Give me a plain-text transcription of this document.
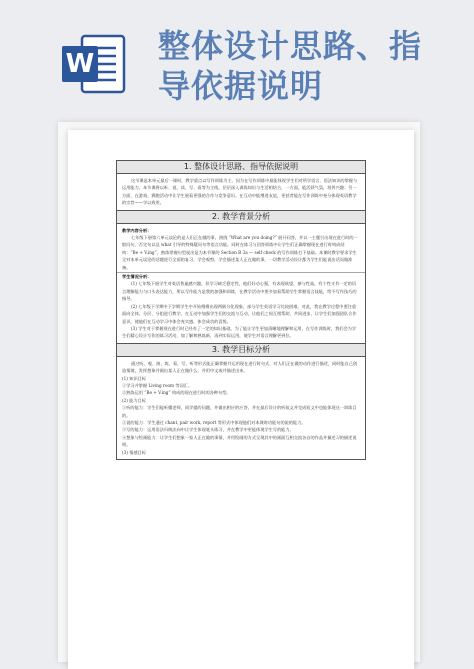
W 整体设计思路、指
导依据说明
1. 整体设计思路、指导依据说明

这节课是本单元最后一课时，教学重点以写作训练为主，因为在写作训练中最能体现学生们对所学语言、语法知识的掌握与运用能力。本节课将以听、说、读、写、看等为主线，层层深入训练知识与生活相结合，一方面，能活跃气氛，培养兴趣；另一方面，在游戏、赛跑活动中让学生展看更强的合作与竞争意识。在互动中能增进友谊，更甚者能在写作训练中充分体现英语教学的宗旨——学以致用。

2. 教学背景分析
教学内容分析：

七年级下册第六单元谈论的是人们正在做的事，围绕 “What are you doing?” 展开问答，并以一主题引出现在进行时的一般问句、否定句以及 what 引导的特殊疑问句等语言功能。同时在练习与回答训练中让学生们正确掌握现在进行时构成结构：“Be + V.ing”，熟练掌握句型说出是为本节课的 Section B 3a — self check 的写作训练打下基础。本课时教学要求学生全对本单元谈论的话题进行全面的复习，学会观察，学会描述某人正在做的事，一切教学活动设计都为学生们能说出话而做准备。

学生情况分析：

(1) 七年级下册学生对英语普遍感兴趣，但学习缺乏稳定性，他们好动心强，有表现欲望，参与性高，有个性又有一定的语言理解能力与口头表达能力，所以写作能力是我的加强和训练，在教学活动中要多加看帮助学生掌握语言技能，给予写作技巧的指导。

(2) 七年级下学期中下学期学生中开始慢慢出现两极分化现象，部分学生英语学习比较困难，对此，我在教学过程中要注重面向全体，分层、分组进行教学，在互动中加强学生们的交流与互动，让他们之间互相帮助，共同进步，让学生们加强团队合作意识，使他们在互动学习中体会充实感，体会成功的喜悦。

(3) 学生对于掌握现在进行时已经有了一定的知识基础，为了能让学生更加清晰地理解和运用，在写作训练时，我们会为学生们精心设计写作的练习活动，加了解和熟练新，再到实际运用，使学生对语言理解更到位。

3. 教学目标分析

通过听、观、演、练、看、写、听等形式能正确掌握并运用现在进行时句式，对人们正在做的动作进行描述，同时能自己创造情境，发挥想象并画出某人正在做什么，并用中文或并描述出来。

(1) 知识目标

①学习并掌握 Living room 等词汇。

②熟练运用 “Be + V.ing” 构成的现在进行时的各种句型。

(2) 能力目标

①听的能力：学生们能听懂老师，同学提的问题，并做出相应的应答，并在最后设计的听短文并完成短文中也能体现这一训练目的。

②说的能力：学生通过 chant, pair work, report 等形式中体现他们对本课时功能句的说的能力。

③写的能力：运用语法归纳法向中让学生体现笔头练习，并在教学中更能体现学生写的能力。

④想象与绘画能力：让学生们想象一家人正在做的事情，并用绘画的方式呈现其中的画面互相交流各自的作品并描述习的描述说明。

(3) 情感目标
